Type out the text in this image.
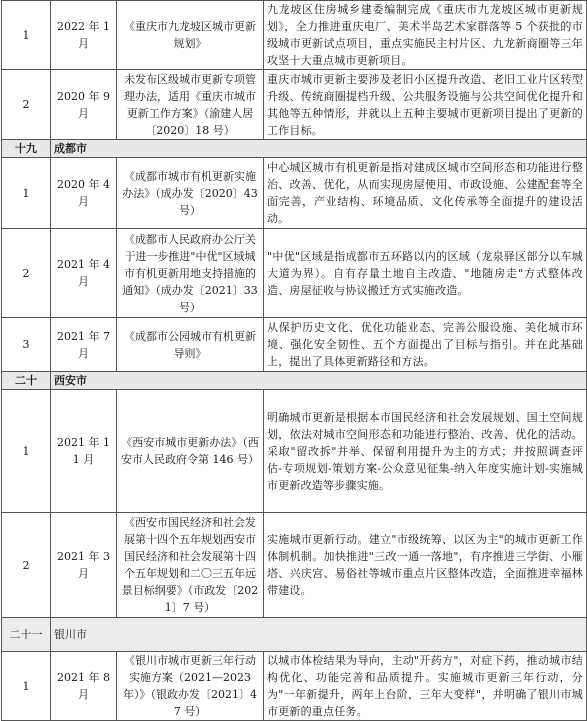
1	2022 年 1 月	《重庆市九龙坡区城市更新规划》	九龙坡区住房城乡建委编制完成《重庆市九龙坡区城市更新规划》，全力推进重庆电厂、美术半岛艺术家群落等 5 个获批的市级城市更新试点项目，重点实施民主村片区、九龙新商圈等三年攻坚十大重点城市更新项目。
2	2020 年 9 月	未发布区级城市更新专项管理办法，适用《重庆市城市更新工作方案》（渝建人居〔2020〕18 号）	重庆市城市更新主要涉及老旧小区提升改造、老旧工业片区转型升级、传统商圈提档升级、公共服务设施与公共空间优化提升和其他等五种情形，并就以上五种主要城市更新项目提出了更新的工作目标。
十九	成都市		
1	2020 年 4 月	《成都市城市有机更新实施办法》（成办发〔2020〕43 号）	中心城区城市有机更新是指对建成区城市空间形态和功能进行整治、改善、优化，从而实现房屋使用、市政设施、公建配套等全面完善，产业结构、环境品质、文化传承等全面提升的建设活动。
2	2021 年 4 月	《成都市人民政府办公厅关于进一步推进"中优"区域城市有机更新用地支持措施的通知》（成办发〔2021〕33 号）	"中优"区域是指成都市五环路以内的区域（龙泉驿区部分以车城大道为界）。自有存量土地自主改造、"地随房走"方式整体改造、房屋征收与协议搬迁方式实施改造。
3	2021 年 7 月	《成都市公园城市有机更新导则》	从保护历史文化、优化功能业态、完善公服设施、美化城市环境、强化安全韧性、五个方面提出了目标与指引。并在此基础上，提出了具体更新路径和方法。
二十	西安市		
1	2021 年 11 月	《西安市城市更新办法》（西安市人民政府令第 146 号）	明确城市更新是根据本市国民经济和社会发展规划、国土空间规划，依法对城市空间形态和功能进行整治、改善、优化的活动。采取"留改拆"并举、保留利用提升为主的方式；并按照调查评估-专项规划-策划方案-公众意见征集-纳入年度实施计划-实施城市更新改造等步骤实施。
2	2021 年 3 月	《西安市国民经济和社会发展第十四个五年规划西安市国民经济和社会发展第十四个五年规划和二〇三五年远景目标纲要》（市政发〔2021〕7 号）	实施城市更新行动。建立"市级统筹、以区为主"的城市更新工作体制机制。加快推进"三改一通一落地"，有序推进三学街、小雁塔、兴庆宫、易俗社等城市重点片区整体改造，全面推进幸福林带建设。
二十一	银川市		
1	2021 年 8 月	《银川市城市更新三年行动实施方案（2021—2023 年）》（银政办发〔2021〕47 号）	以城市体检结果为导向，主动"开药方"，对症下药，推动城市结构优化、功能完善和品质提升。实施城市更新三年行动，分为"一年新提升，两年上台阶，三年大变样"，并明确了银川市城市更新的重点任务。
